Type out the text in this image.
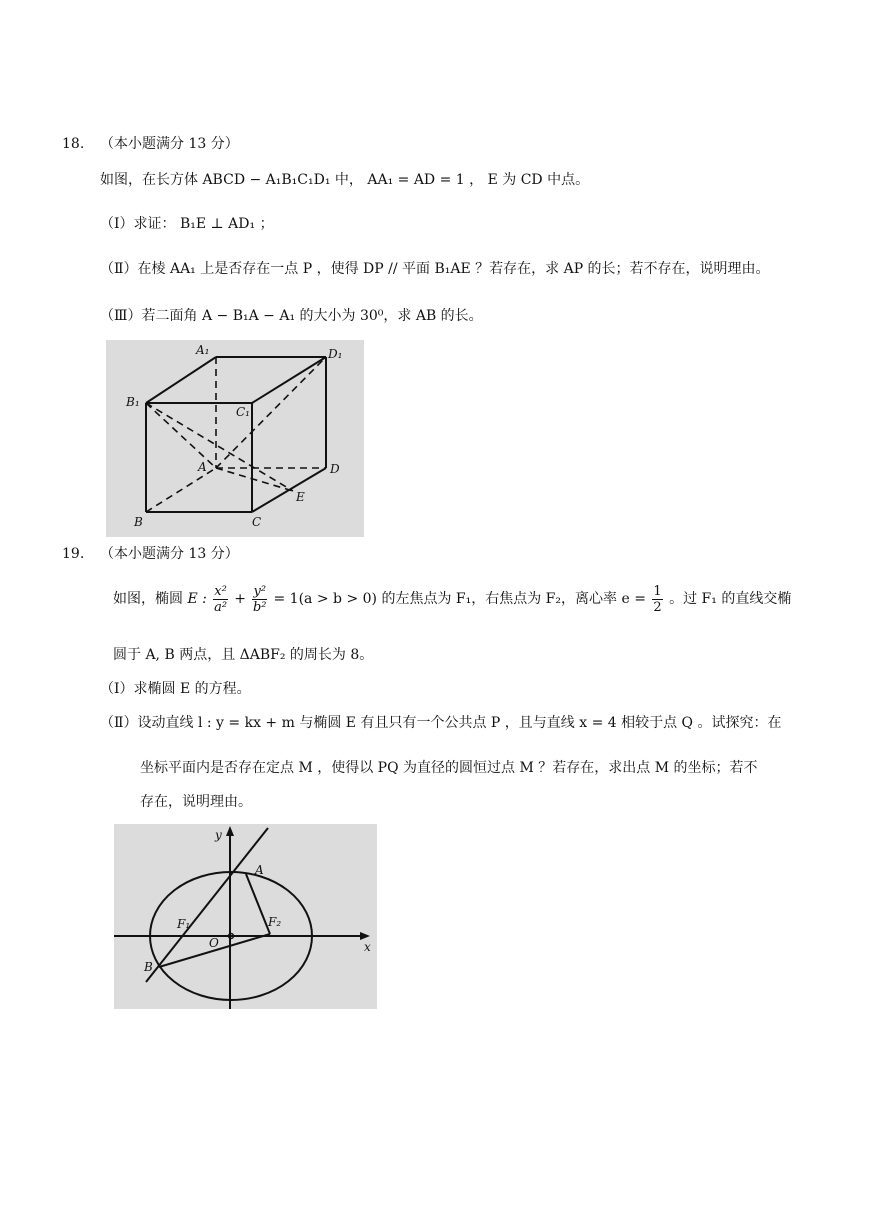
18. （本小题满分 13 分）
如图，在长方体 ABCD − A₁B₁C₁D₁ 中， AA₁ = AD = 1 ， E 为 CD 中点。
（Ⅰ）求证： B₁E ⊥ AD₁ ；
（Ⅱ）在棱 AA₁ 上是否存在一点 P ，使得 DP // 平面 B₁AE ？若存在，求 AP 的长；若不存在，说明理由。
（Ⅲ）若二面角 A − B₁A − A₁ 的大小为 30⁰，求 AB 的长。
A₁	D₁
B₁
C₁
A	D
E
B	C
19. （本小题满分 13 分）
如图，椭圆 E : $\frac{\text{x²}}{\text{a²}} + \frac{\text{y²}}{\text{b²}} = 1(a > b > 0)$ 的左焦点为 F₁，右焦点为 F₂，离心率 $e = \frac{1}{2}$ 。过 F₁ 的直线交椭
圆于 A, B 两点，且 ΔABF₂ 的周长为 8。
（Ⅰ）求椭圆 E 的方程。
（Ⅱ）设动直线 l : y = kx + m 与椭圆 E 有且只有一个公共点 P ，且与直线 x = 4 相较于点 Q 。试探究：在
坐标平面内是否存在定点 M ，使得以 PQ 为直径的圆恒过点 M ？若存在，求出点 M 的坐标；若不
存在，说明理由。
y
x
A
B
F₁	F₂
O
